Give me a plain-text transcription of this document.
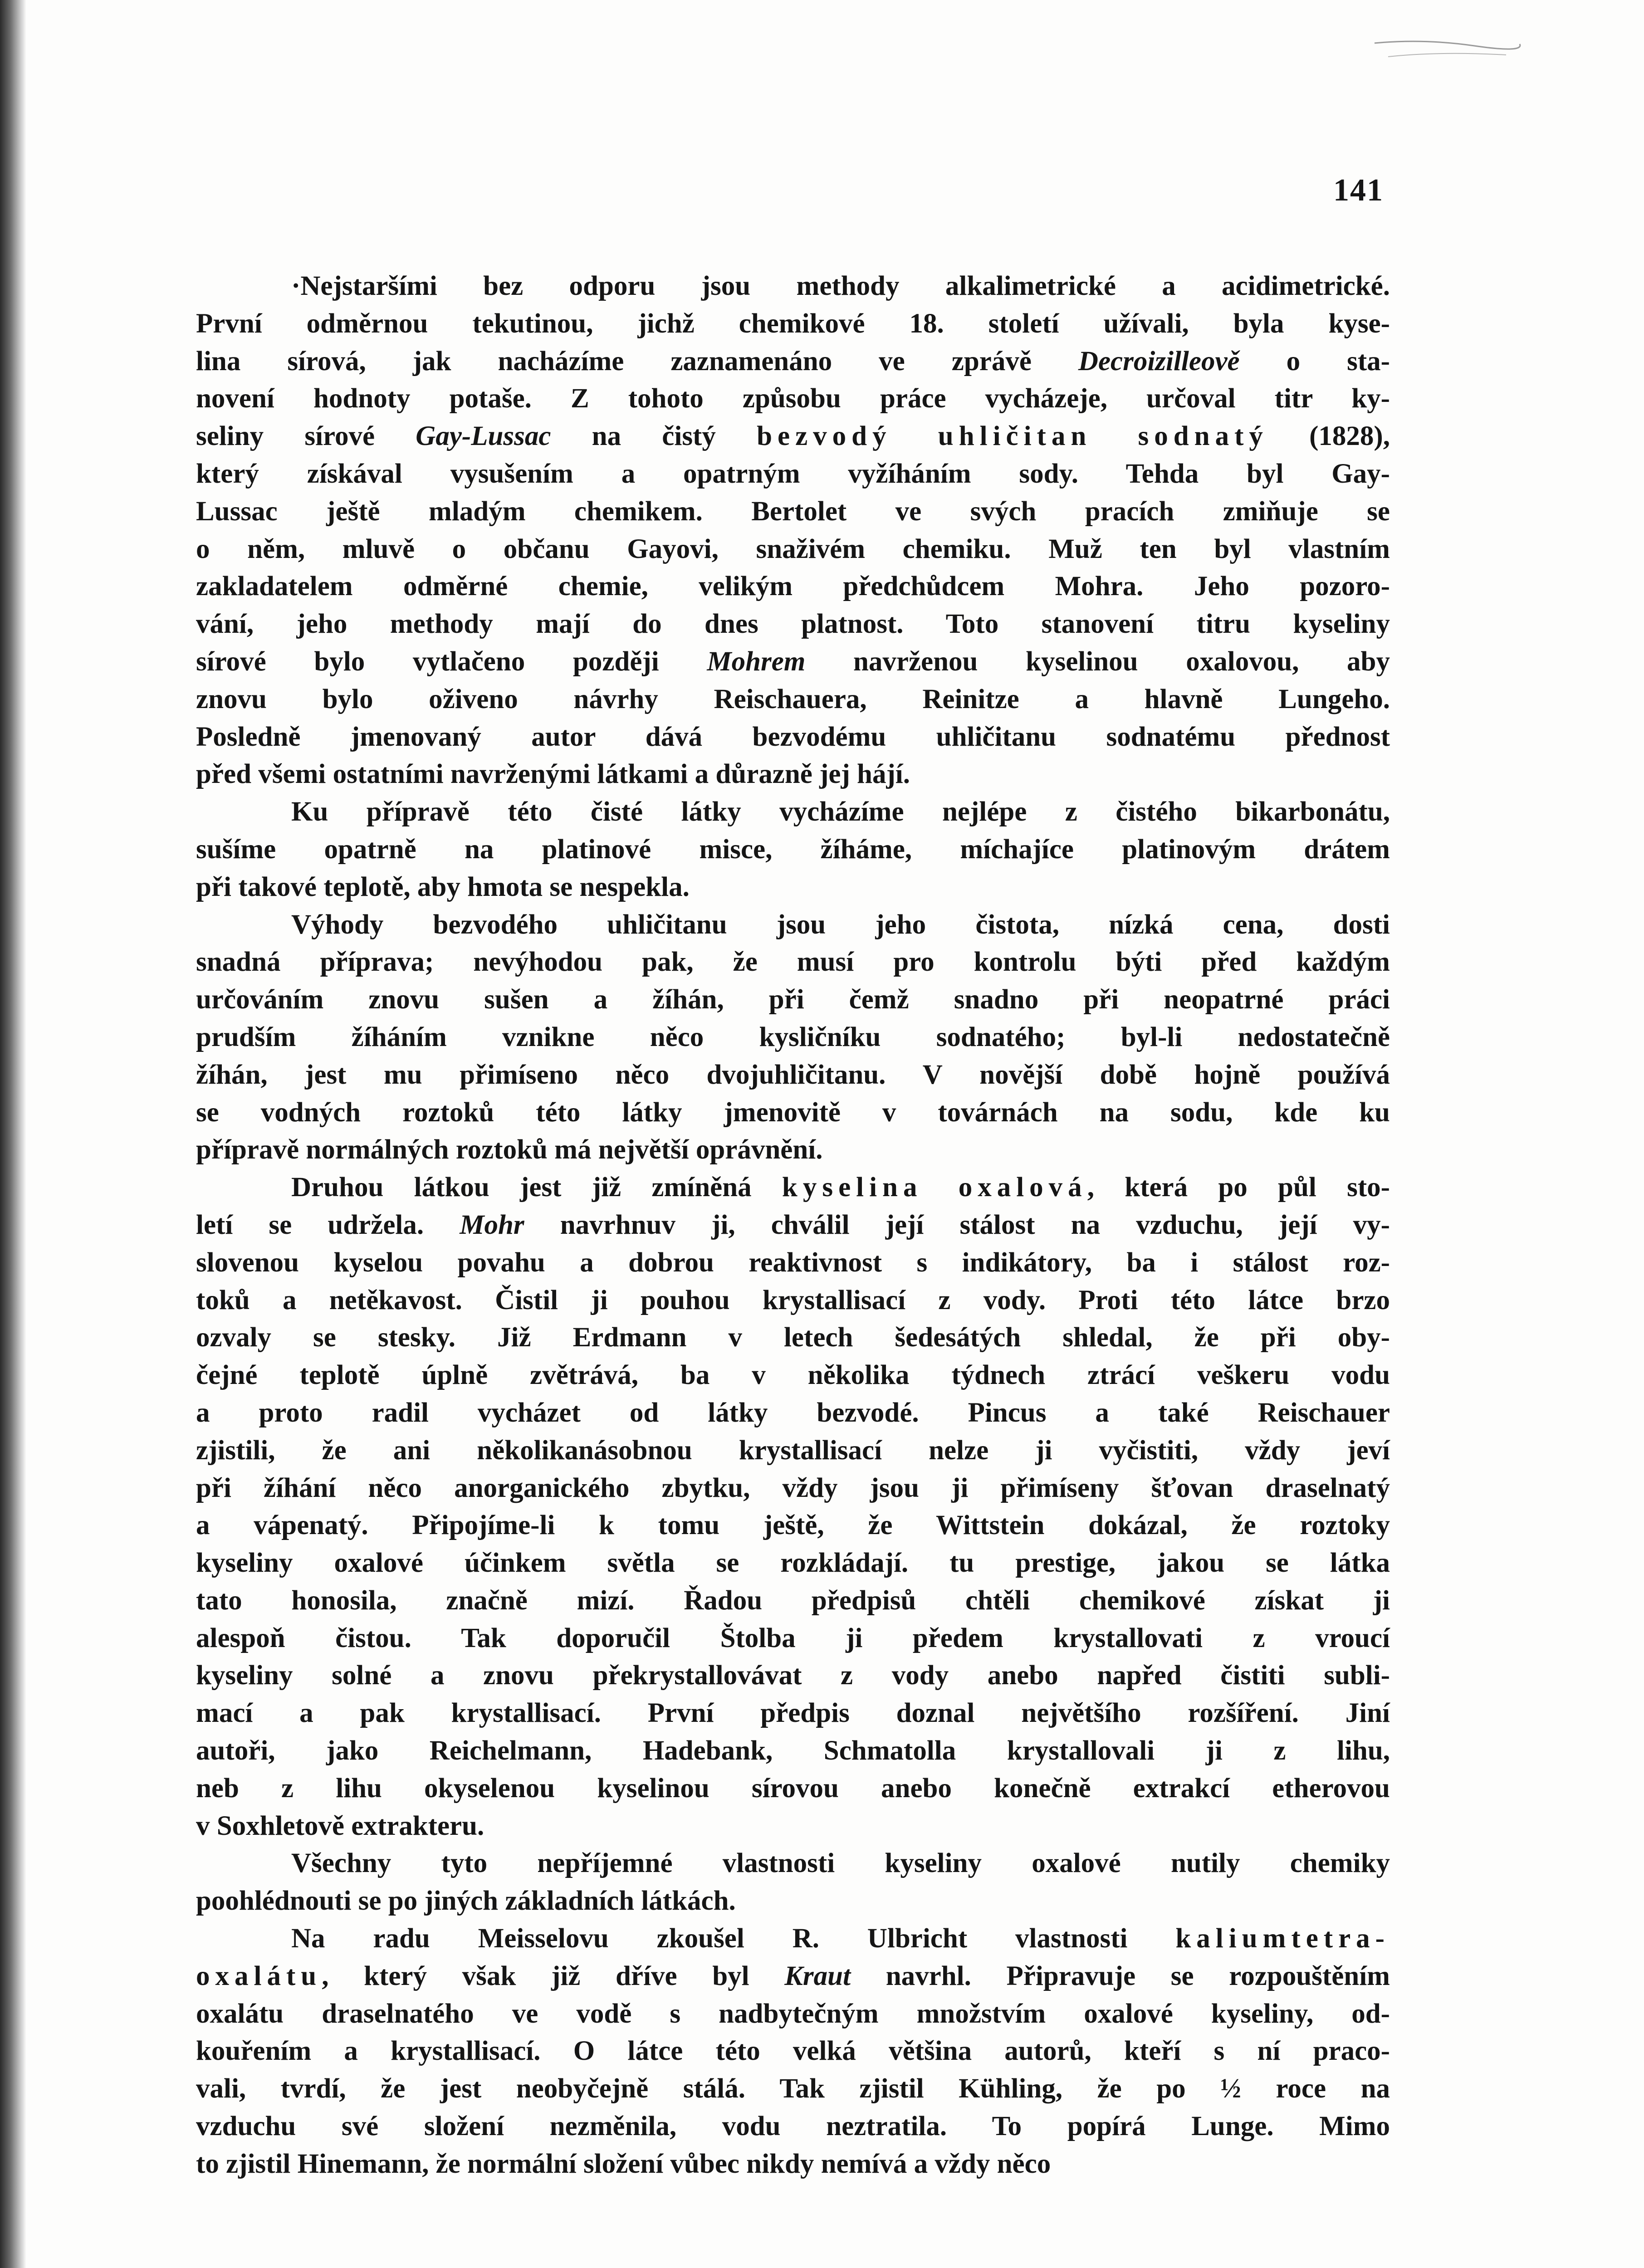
141
·Nejstaršími bez odporu jsou methody alkalimetrické a acidimetrické.
První odměrnou tekutinou, jichž chemikové 18. století užívali, byla kyse-
lina sírová, jak nacházíme zaznamenáno ve zprávě Decroizilleově o sta-
novení hodnoty potaše. Z tohoto způsobu práce vycházeje, určoval titr ky-
seliny sírové Gay-Lussac na čistý bezvodý uhličitan sodnatý (1828),
který získával vysušením a opatrným vyžíháním sody. Tehda byl Gay-
Lussac ještě mladým chemikem. Bertolet ve svých pracích zmiňuje se
o něm, mluvě o občanu Gayovi, snaživém chemiku. Muž ten byl vlastním
zakladatelem odměrné chemie, velikým předchůdcem Mohra. Jeho pozoro-
vání, jeho methody mají do dnes platnost. Toto stanovení titru kyseliny
sírové bylo vytlačeno později Mohrem navrženou kyselinou oxalovou, aby
znovu bylo oživeno návrhy Reischauera, Reinitze a hlavně Lungeho.
Posledně jmenovaný autor dává bezvodému uhličitanu sodnatému přednost
před všemi ostatními navrženými látkami a důrazně jej hájí.
Ku přípravě této čisté látky vycházíme nejlépe z čistého bikarbonátu,
sušíme opatrně na platinové misce, žíháme, míchajíce platinovým drátem
při takové teplotě, aby hmota se nespekla.
Výhody bezvodého uhličitanu jsou jeho čistota, nízká cena, dosti
snadná příprava; nevýhodou pak, že musí pro kontrolu býti před každým
určováním znovu sušen a žíhán, při čemž snadno při neopatrné práci
prudším žíháním vznikne něco kysličníku sodnatého; byl-li nedostatečně
žíhán, jest mu přimíseno něco dvojuhličitanu. V novější době hojně používá
se vodných roztoků této látky jmenovitě v továrnách na sodu, kde ku
přípravě normálných roztoků má největší oprávnění.
Druhou látkou jest již zmíněná kyselina oxalová, která po půl sto-
letí se udržela. Mohr navrhnuv ji, chválil její stálost na vzduchu, její vy-
slovenou kyselou povahu a dobrou reaktivnost s indikátory, ba i stálost roz-
toků a netěkavost. Čistil ji pouhou krystallisací z vody. Proti této látce brzo
ozvaly se stesky. Již Erdmann v letech šedesátých shledal, že při oby-
čejné teplotě úplně zvětrává, ba v několika týdnech ztrácí veškeru vodu
a proto radil vycházet od látky bezvodé. Pincus a také Reischauer
zjistili, že ani několikanásobnou krystallisací nelze ji vyčistiti, vždy jeví
při žíhání něco anorganického zbytku, vždy jsou ji přimíseny šťovan draselnatý
a vápenatý. Připojíme-li k tomu ještě, že Wittstein dokázal, že roztoky
kyseliny oxalové účinkem světla se rozkládají. tu prestige, jakou se látka
tato honosila, značně mizí. Řadou předpisů chtěli chemikové získat ji
alespoň čistou. Tak doporučil Štolba ji předem krystallovati z vroucí
kyseliny solné a znovu překrystallovávat z vody anebo napřed čistiti subli-
mací a pak krystallisací. První předpis doznal největšího rozšíření. Jiní
autoři, jako Reichelmann, Hadebank, Schmatolla krystallovali ji z lihu,
neb z lihu okyselenou kyselinou sírovou anebo konečně extrakcí etherovou
v Soxhletově extrakteru.
Všechny tyto nepříjemné vlastnosti kyseliny oxalové nutily chemiky
poohlédnouti se po jiných základních látkách.
Na radu Meisselovu zkoušel R. Ulbricht vlastnosti kaliumtetra-
oxalátu, který však již dříve byl Kraut navrhl. Připravuje se rozpouštěním
oxalátu draselnatého ve vodě s nadbytečným množstvím oxalové kyseliny, od-
kouřením a krystallisací. O látce této velká většina autorů, kteří s ní praco-
vali, tvrdí, že jest neobyčejně stálá. Tak zjistil Kühling, že po ½ roce na
vzduchu své složení nezměnila, vodu neztratila. To popírá Lunge. Mimo
to zjistil Hinemann, že normální složení vůbec nikdy nemívá a vždy něco
